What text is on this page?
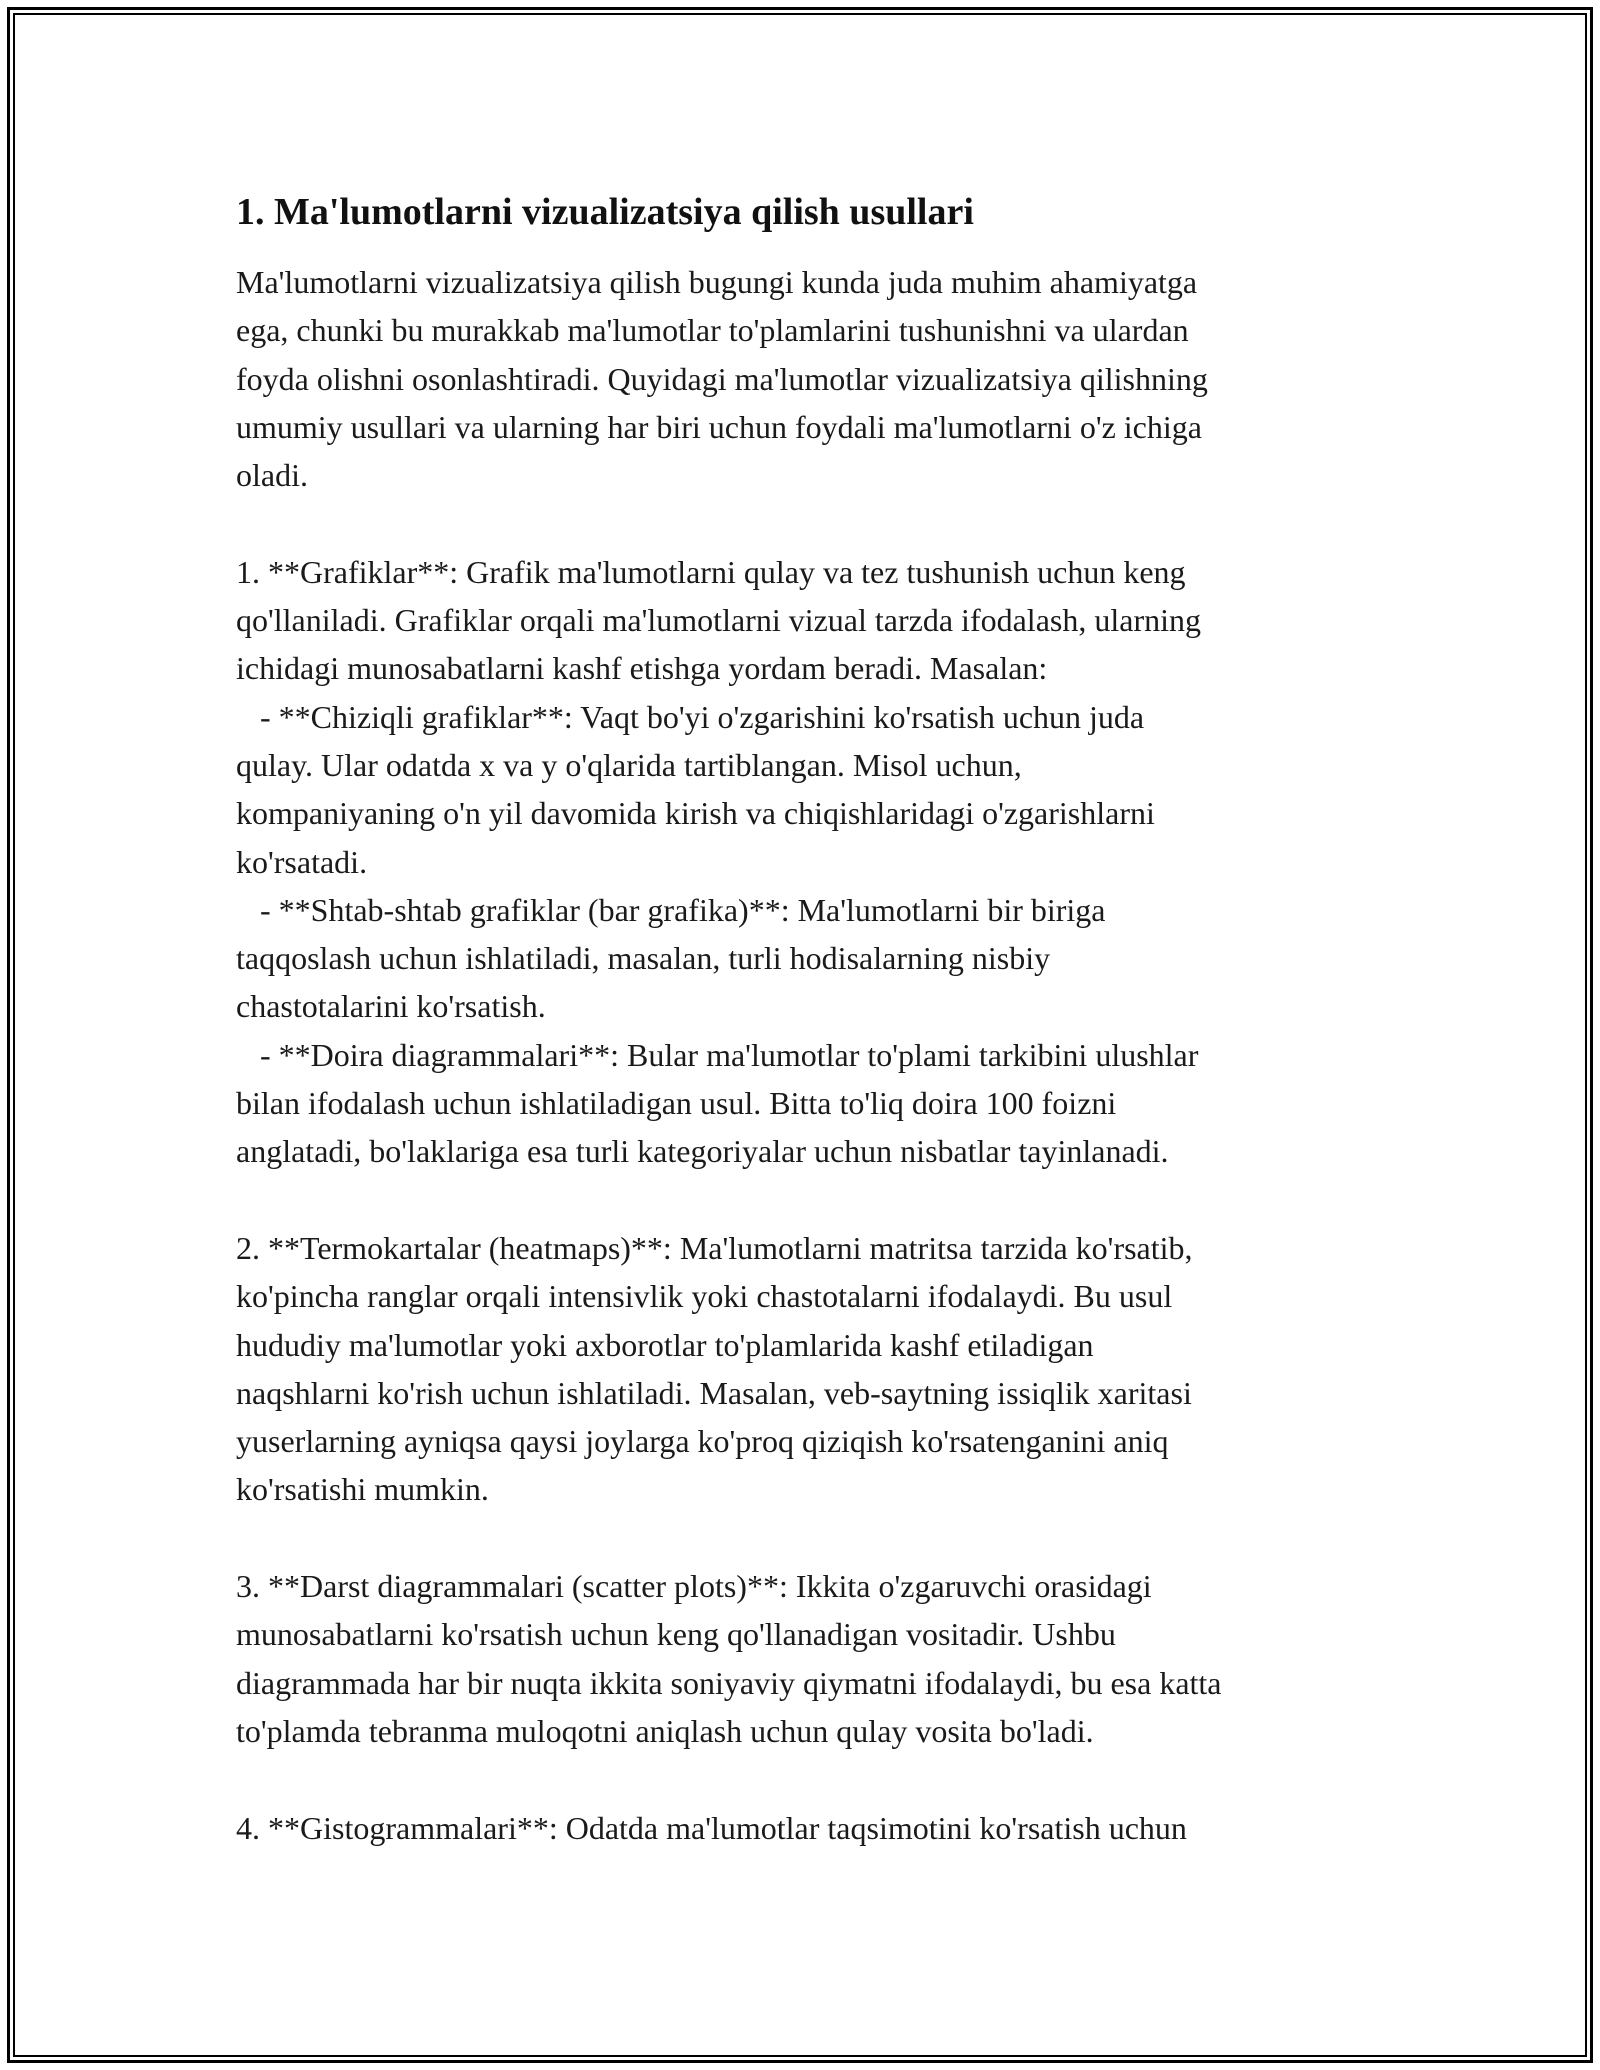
1. Ma'lumotlarni vizualizatsiya qilish usullari
Ma'lumotlarni vizualizatsiya qilish bugungi kunda juda muhim ahamiyatga
ega, chunki bu murakkab ma'lumotlar to'plamlarini tushunishni va ulardan
foyda olishni osonlashtiradi. Quyidagi ma'lumotlar vizualizatsiya qilishning
umumiy usullari va ularning har biri uchun foydali ma'lumotlarni o'z ichiga
oladi.
1. **Grafiklar**: Grafik ma'lumotlarni qulay va tez tushunish uchun keng
qo'llaniladi. Grafiklar orqali ma'lumotlarni vizual tarzda ifodalash, ularning
ichidagi munosabatlarni kashf etishga yordam beradi. Masalan:
- **Chiziqli grafiklar**: Vaqt bo'yi o'zgarishini ko'rsatish uchun juda
qulay. Ular odatda x va y o'qlarida tartiblangan. Misol uchun,
kompaniyaning o'n yil davomida kirish va chiqishlaridagi o'zgarishlarni
ko'rsatadi.
- **Shtab-shtab grafiklar (bar grafika)**: Ma'lumotlarni bir biriga
taqqoslash uchun ishlatiladi, masalan, turli hodisalarning nisbiy
chastotalarini ko'rsatish.
- **Doira diagrammalari**: Bular ma'lumotlar to'plami tarkibini ulushlar
bilan ifodalash uchun ishlatiladigan usul. Bitta to'liq doira 100 foizni
anglatadi, bo'laklariga esa turli kategoriyalar uchun nisbatlar tayinlanadi.
2. **Termokartalar (heatmaps)**: Ma'lumotlarni matritsa tarzida ko'rsatib,
ko'pincha ranglar orqali intensivlik yoki chastotalarni ifodalaydi. Bu usul
hududiy ma'lumotlar yoki axborotlar to'plamlarida kashf etiladigan
naqshlarni ko'rish uchun ishlatiladi. Masalan, veb-saytning issiqlik xaritasi
yuserlarning ayniqsa qaysi joylarga ko'proq qiziqish ko'rsatenganini aniq
ko'rsatishi mumkin.
3. **Darst diagrammalari (scatter plots)**: Ikkita o'zgaruvchi orasidagi
munosabatlarni ko'rsatish uchun keng qo'llanadigan vositadir. Ushbu
diagrammada har bir nuqta ikkita soniyaviy qiymatni ifodalaydi, bu esa katta
to'plamda tebranma muloqotni aniqlash uchun qulay vosita bo'ladi.
4. **Gistogrammalari**: Odatda ma'lumotlar taqsimotini ko'rsatish uchun
